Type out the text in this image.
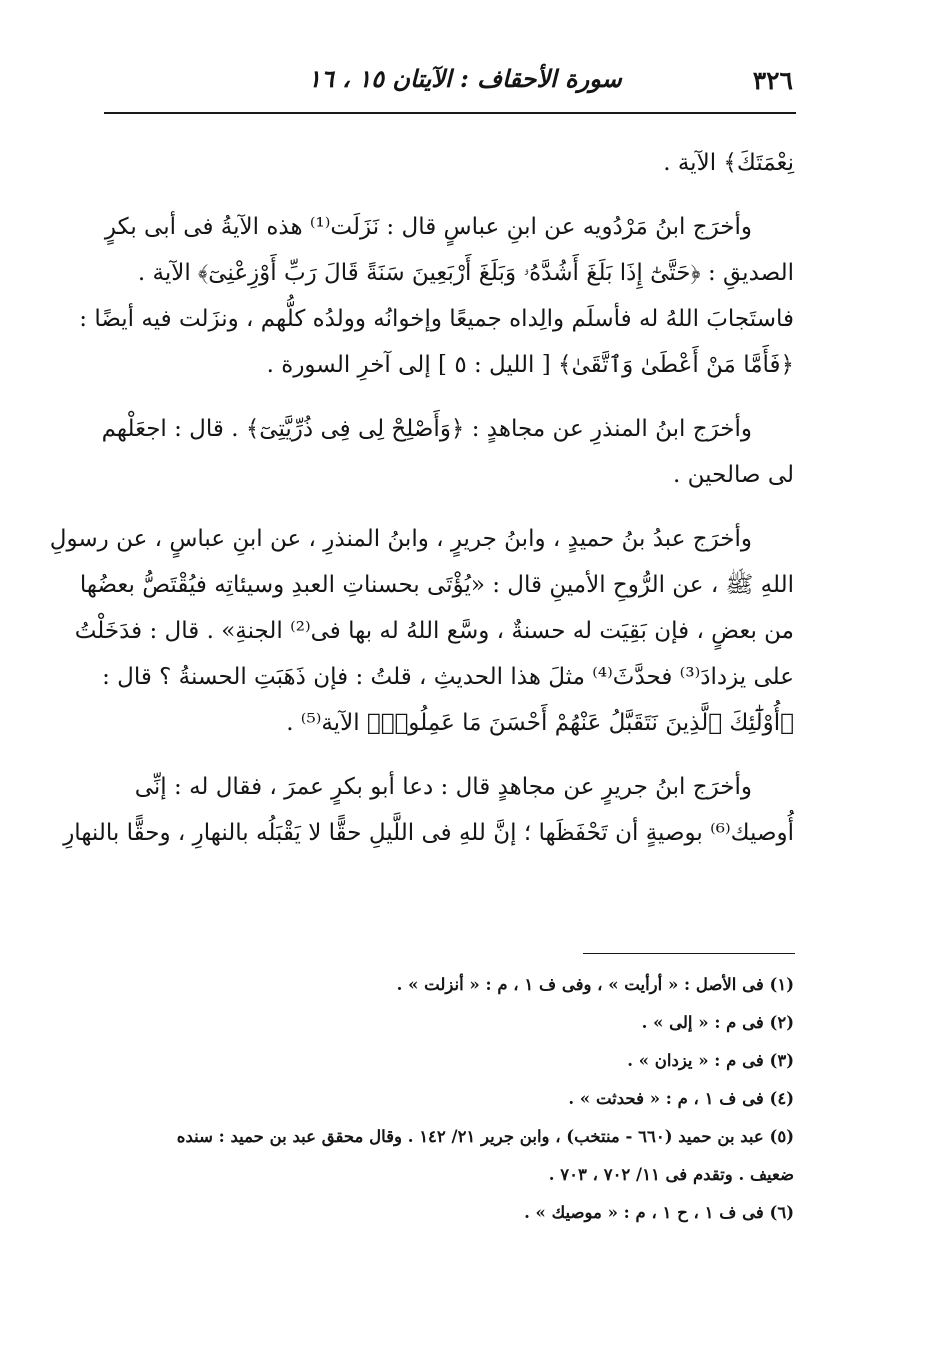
٣٢٦
سورة الأحقاف : الآيتان ١٥ ، ١٦
نِعْمَتَكَ﴾ الآية .
وأخرَج ابنُ مَرْدُويه عن ابنِ عباسٍ قال : نَزَلَت⁽¹⁾ هذه الآيةُ فى أبى بكرٍ
الصديقِ : ﴿حَتَّىٰٓ إِذَا بَلَغَ أَشُدَّهُۥ وَبَلَغَ أَرْبَعِينَ سَنَةً قَالَ رَبِّ أَوْزِعْنِىٓ﴾ الآية .
فاستَجابَ اللهُ له فأسلَم والِداه جميعًا وإخوانُه وولدُه كلُّهم ، ونزَلت فيه أيضًا :
﴿فَأَمَّا مَنْ أَعْطَىٰ وَٱتَّقَىٰ﴾ [ الليل : ٥ ] إلى آخرِ السورة .
وأخرَج ابنُ المنذرِ عن مجاهدٍ : ﴿وَأَصْلِحْ لِى فِى ذُرِّيَّتِىٓ﴾ . قال : اجعَلْهم
لى صالحين .
وأخرَج عبدُ بنُ حميدٍ ، وابنُ جريرٍ ، وابنُ المنذرِ ، عن ابنِ عباسٍ ، عن رسولِ
اللهِ ﷺ ، عن الرُّوحِ الأمينِ قال : «يُؤْتَى بحسناتِ العبدِ وسيئاتِه فيُقْتَصُّ بعضُها
من بعضٍ ، فإن بَقِيَت له حسنةٌ ، وسَّع اللهُ له بها فى⁽²⁾ الجنةِ» . قال : فدَخَلْتُ
على يزدادَ⁽³⁾ فحدَّثَ⁽⁴⁾ مثلَ هذا الحديثِ ، قلتُ : فإن ذَهَبَتِ الحسنةُ ؟ قال :
﴿أُوْلَٰٓئِكَ ٱلَّذِينَ نَتَقَبَّلُ عَنْهُمْ أَحْسَنَ مَا عَمِلُوا۟﴾ الآية⁽⁵⁾ .
وأخرَج ابنُ جريرٍ عن مجاهدٍ قال : دعا أبو بكرٍ عمرَ ، فقال له : إنِّى
أُوصيك⁽⁶⁾ بوصيةٍ أن تَحْفَظَها ؛ إنَّ للهِ فى اللَّيلِ حقًّا لا يَقْبَلُه بالنهارِ ، وحقًّا بالنهارِ
(١) فى الأصل : « أرأيت » ، وفى ف ١ ، م : « أنزلت » .
(٢) فى م : « إلى » .
(٣) فى م : « يزدان » .
(٤) فى ف ١ ، م : « فحدثت » .
(٥) عبد بن حميد (٦٦٠ - منتخب) ، وابن جرير ٢١/ ١٤٢ . وقال محقق عبد بن حميد : سنده
ضعيف . وتقدم فى ١١/ ٧٠٢ ، ٧٠٣ .
(٦) فى ف ١ ، ح ١ ، م : « موصيك » .
